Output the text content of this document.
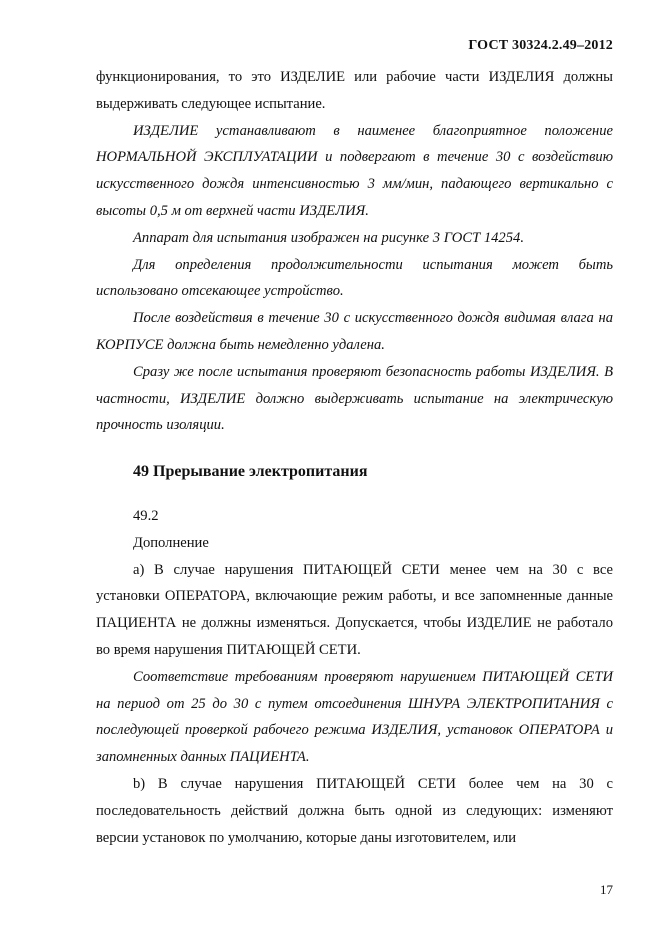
ГОСТ 30324.2.49–2012

функционирования, то это ИЗДЕЛИЕ или рабочие части ИЗДЕЛИЯ должны выдерживать следующее испытание.

ИЗДЕЛИЕ устанавливают в наименее благоприятное положение НОРМАЛЬНОЙ ЭКСПЛУАТАЦИИ и подвергают в течение 30 с воздействию искусственного дождя интенсивностью 3 мм/мин, падающего вертикально с высоты 0,5 м от верхней части ИЗДЕЛИЯ.

Аппарат для испытания изображен на рисунке 3 ГОСТ 14254.

Для определения продолжительности испытания может быть использовано отсекающее устройство.

После воздействия в течение 30 с искусственного дождя видимая влага на КОРПУСЕ должна быть немедленно удалена.

Сразу же после испытания проверяют безопасность работы ИЗДЕЛИЯ. В частности, ИЗДЕЛИЕ должно выдерживать испытание на электрическую прочность изоляции.

49 Прерывание электропитания

49.2

Дополнение

а) В случае нарушения ПИТАЮЩЕЙ СЕТИ менее чем на 30 с все установки ОПЕРАТОРА, включающие режим работы, и все запомненные данные ПАЦИЕНТА не должны изменяться. Допускается, чтобы ИЗДЕЛИЕ не работало во время нарушения ПИТАЮЩЕЙ СЕТИ.

Соответствие требованиям проверяют нарушением ПИТАЮЩЕЙ СЕТИ на период от 25 до 30 с путем отсоединения ШНУРА ЭЛЕКТРОПИТАНИЯ с последующей проверкой рабочего режима ИЗДЕЛИЯ, установок ОПЕРАТОРА и запомненных данных ПАЦИЕНТА.

b) В случае нарушения ПИТАЮЩЕЙ СЕТИ более чем на 30 с последовательность действий должна быть одной из следующих: изменяют версии установок по умолчанию, которые даны изготовителем, или

17
